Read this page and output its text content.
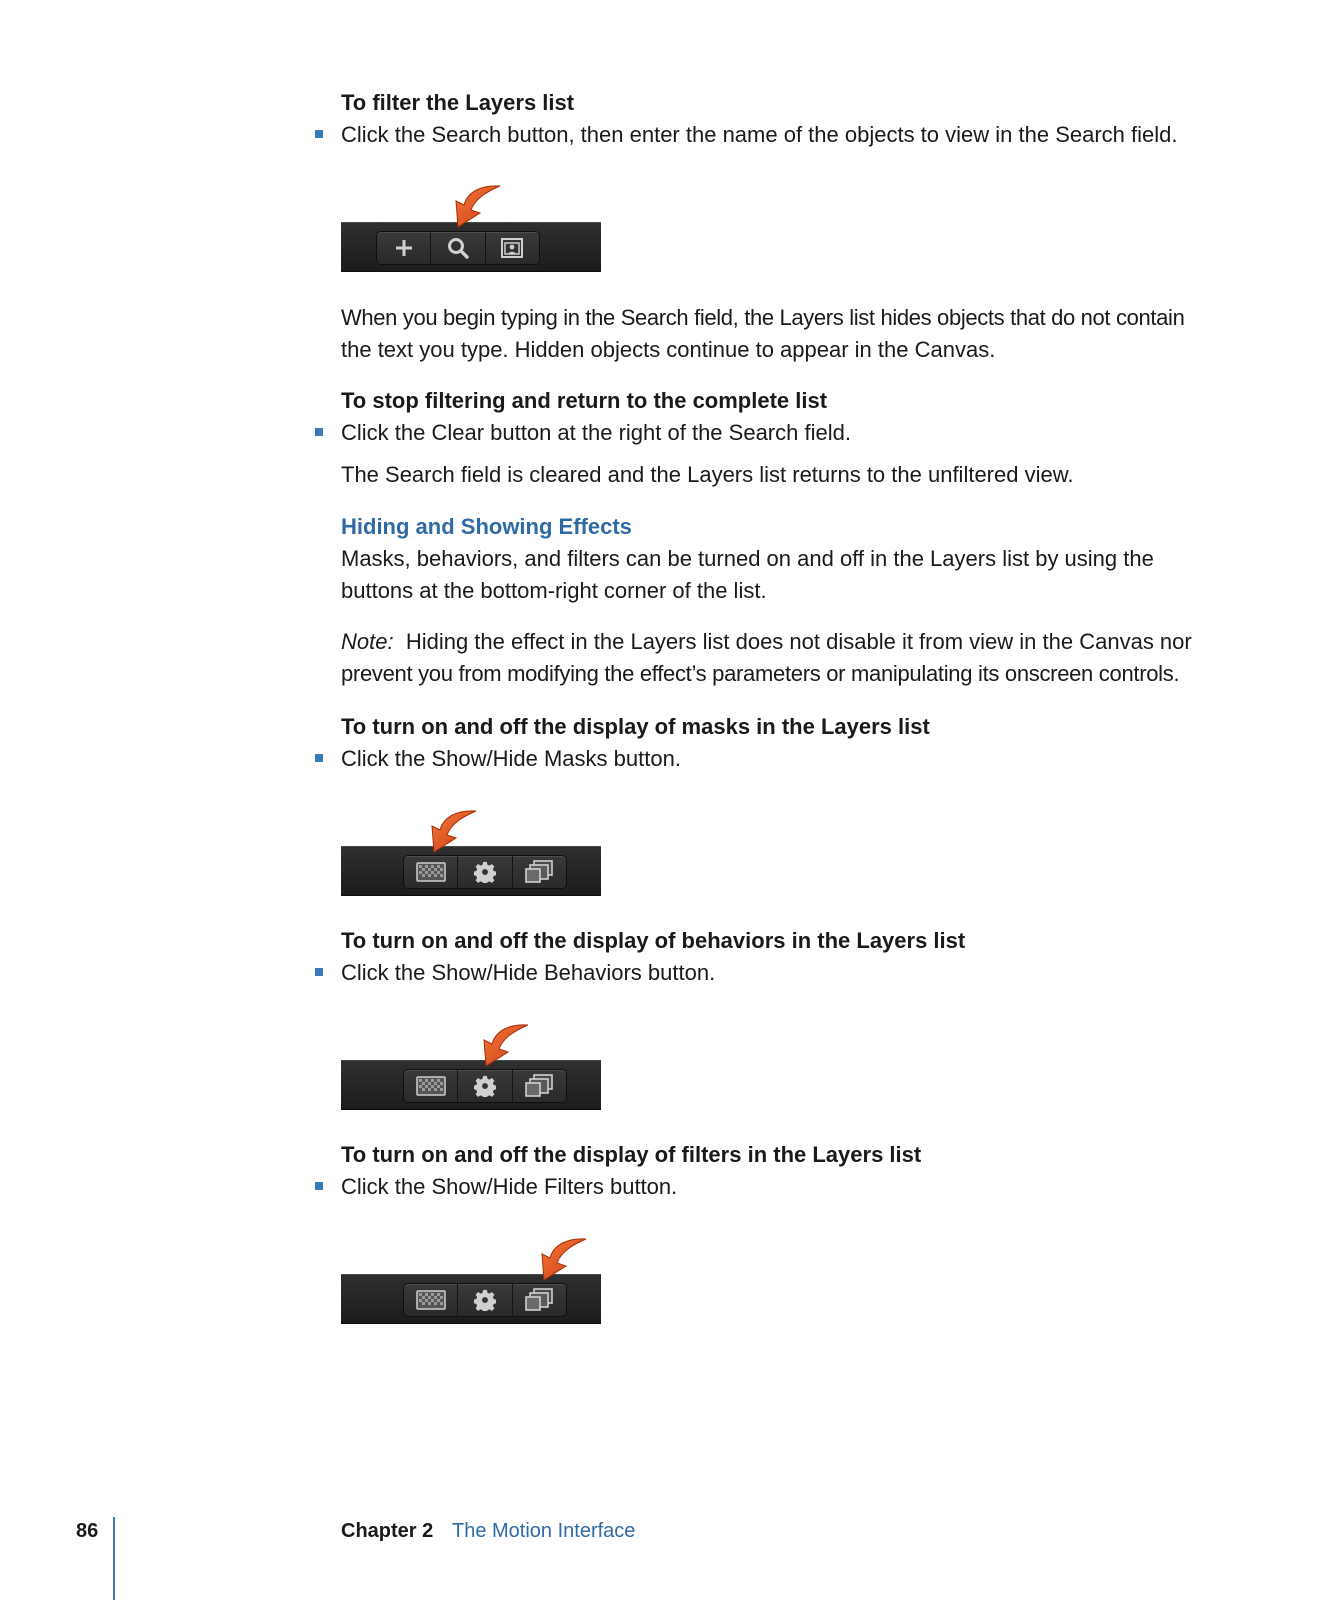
To filter the Layers list
Click the Search button, then enter the name of the objects to view in the Search field.
When you begin typing in the Search field, the Layers list hides objects that do not contain
the text you type. Hidden objects continue to appear in the Canvas.
To stop filtering and return to the complete list
Click the Clear button at the right of the Search field.
The Search field is cleared and the Layers list returns to the unfiltered view.
Hiding and Showing Effects
Masks, behaviors, and filters can be turned on and off in the Layers list by using the
buttons at the bottom-right corner of the list.
Note: Hiding the effect in the Layers list does not disable it from view in the Canvas nor
prevent you from modifying the effect’s parameters or manipulating its onscreen controls.
To turn on and off the display of masks in the Layers list
Click the Show/Hide Masks button.
To turn on and off the display of behaviors in the Layers list
Click the Show/Hide Behaviors button.
To turn on and off the display of filters in the Layers list
Click the Show/Hide Filters button.
86	Chapter 2 The Motion Interface
